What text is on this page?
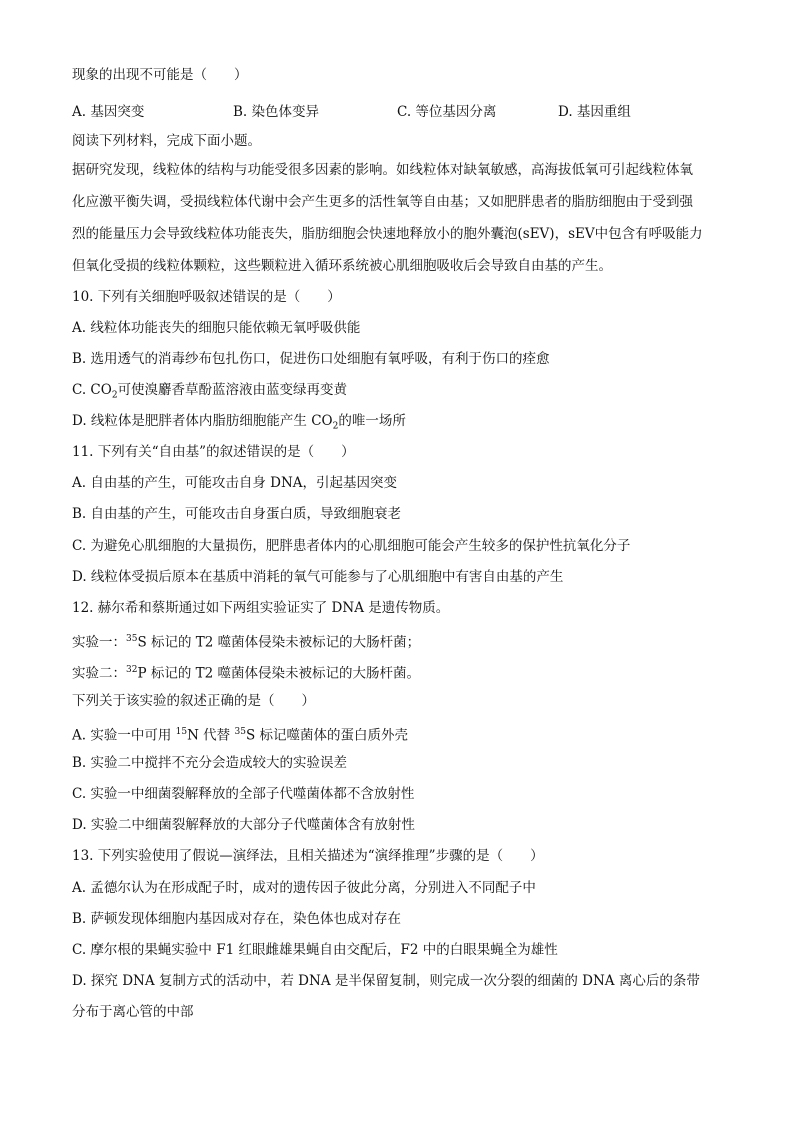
现象的出现不可能是（　　）
A. 基因突变	B. 染色体变异	C. 等位基因分离	D. 基因重组
阅读下列材料，完成下面小题。
据研究发现，线粒体的结构与功能受很多因素的影响。如线粒体对缺氧敏感，高海拔低氧可引起线粒体氧
化应激平衡失调，受损线粒体代谢中会产生更多的活性氧等自由基；又如肥胖患者的脂肪细胞由于受到强
烈的能量压力会导致线粒体功能丧失，脂肪细胞会快速地释放小的胞外囊泡(sEV)，sEV中包含有呼吸能力
但氧化受损的线粒体颗粒，这些颗粒进入循环系统被心肌细胞吸收后会导致自由基的产生。
10. 下列有关细胞呼吸叙述错误的是（　　）
A. 线粒体功能丧失的细胞只能依赖无氧呼吸供能
B. 选用透气的消毒纱布包扎伤口，促进伤口处细胞有氧呼吸，有利于伤口的痊愈
C. $CO_2$可使溴麝香草酚蓝溶液由蓝变绿再变黄
D. 线粒体是肥胖者体内脂肪细胞能产生 $CO_2$的唯一场所
11. 下列有关“自由基”的叙述错误的是（　　）
A. 自由基的产生，可能攻击自身 DNA，引起基因突变
B. 自由基的产生，可能攻击自身蛋白质，导致细胞衰老
C. 为避免心肌细胞的大量损伤，肥胖患者体内的心肌细胞可能会产生较多的保护性抗氧化分子
D. 线粒体受损后原本在基质中消耗的氧气可能参与了心肌细胞中有害自由基的产生
12. 赫尔希和蔡斯通过如下两组实验证实了 DNA 是遗传物质。
实验一：$^{35}$S 标记的 T2 噬菌体侵染未被标记的大肠杆菌；
实验二：$^{32}$P 标记的 T2 噬菌体侵染未被标记的大肠杆菌。
下列关于该实验的叙述正确的是（　　）
A. 实验一中可用 $^{15}$N 代替 $^{35}$S 标记噬菌体的蛋白质外壳
B. 实验二中搅拌不充分会造成较大的实验误差
C. 实验一中细菌裂解释放的全部子代噬菌体都不含放射性
D. 实验二中细菌裂解释放的大部分子代噬菌体含有放射性
13. 下列实验使用了假说—演绎法，且相关描述为“演绎推理”步骤的是（　　）
A. 孟德尔认为在形成配子时，成对的遗传因子彼此分离，分别进入不同配子中
B. 萨顿发现体细胞内基因成对存在，染色体也成对存在
C. 摩尔根的果蝇实验中 F1 红眼雌雄果蝇自由交配后，F2 中的白眼果蝇全为雄性
D. 探究 DNA 复制方式的活动中，若 DNA 是半保留复制，则完成一次分裂的细菌的 DNA 离心后的条带
分布于离心管的中部
